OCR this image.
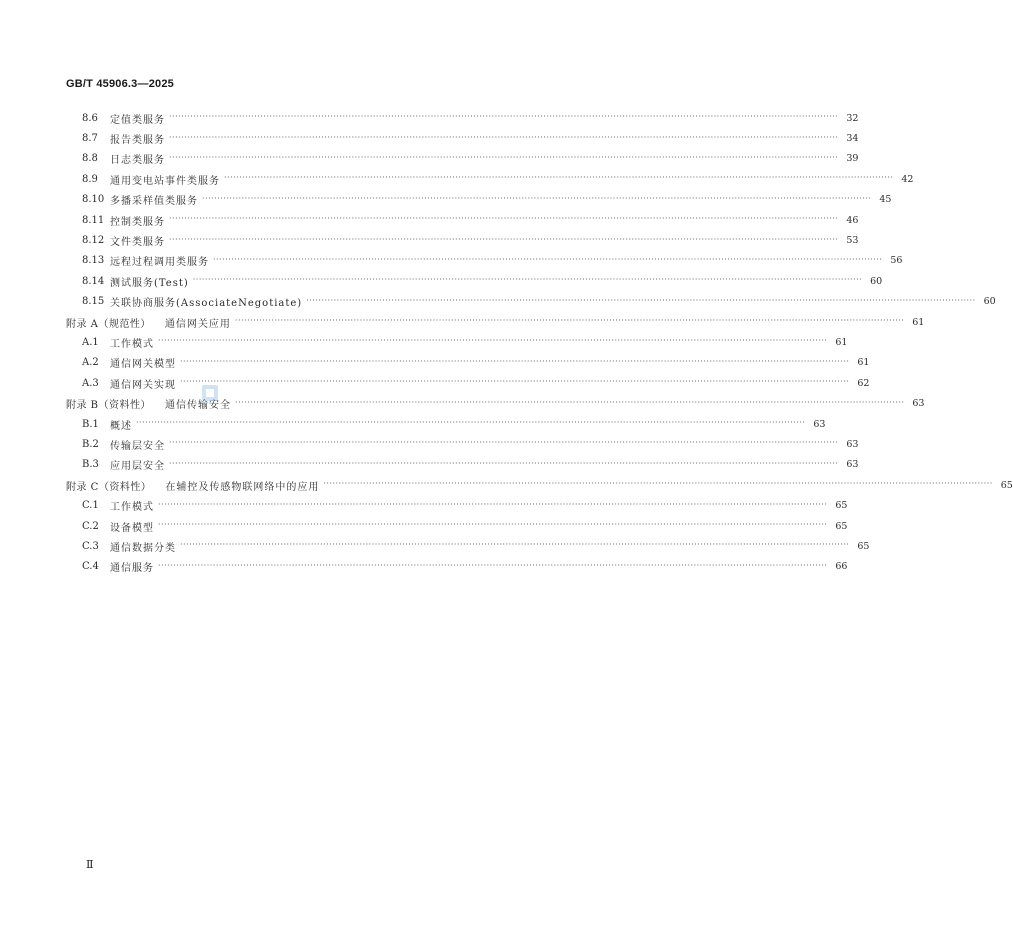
GB/T 45906.3—2025
8.6	定值类服务 ···························································································································································································································· 32
8.7	报告类服务 ···························································································································································································································· 34
8.8	日志类服务 ···························································································································································································································· 39
8.9	通用变电站事件类服务 ···························································································································································································································· 42
8.10 多播采样值类服务 ···························································································································································································································· 45
8.11 控制类服务 ···························································································································································································································· 46
8.12 文件类服务 ···························································································································································································································· 53
8.13 远程过程调用类服务 ···························································································································································································································· 56
8.14 测试服务(Test) ···························································································································································································································· 60
8.15 关联协商服务(AssociateNegotiate) ···························································································································································································································· 60
附录 A（规范性） 通信网关应用 ···························································································································································································································· 61
A.1	工作模式 ···························································································································································································································· 61
A.2	通信网关模型 ···························································································································································································································· 61
A.3	通信网关实现 ···························································································································································································································· 62
附录 B（资料性） 通信传输安全 ···························································································································································································································· 63
B.1	概述 ···························································································································································································································· 63
B.2	传输层安全 ···························································································································································································································· 63
B.3	应用层安全 ···························································································································································································································· 63
附录 C（资料性） 在辅控及传感物联网络中的应用 ···························································································································································································································· 65
C.1	工作模式 ···························································································································································································································· 65
C.2	设备模型 ···························································································································································································································· 65
C.3	通信数据分类 ···························································································································································································································· 65
C.4	通信服务 ···························································································································································································································· 66
Ⅱ
